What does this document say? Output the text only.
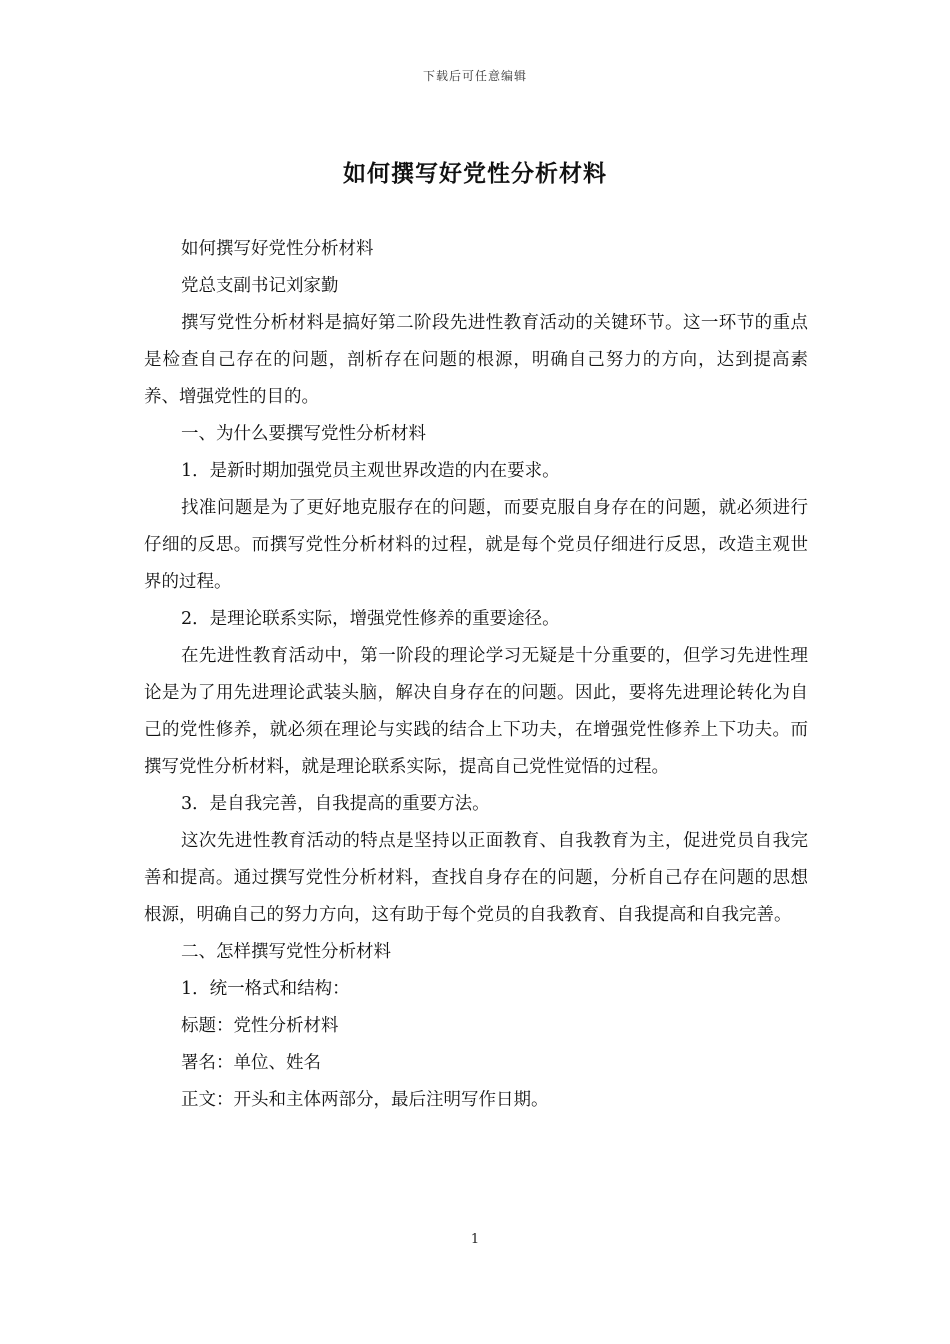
下载后可任意编辑
如何撰写好党性分析材料

如何撰写好党性分析材料

党总支副书记刘家勤

撰写党性分析材料是搞好第二阶段先进性教育活动的关键环节。这一环节的重点是检查自己存在的问题，剖析存在问题的根源，明确自己努力的方向，达到提高素养、增强党性的目的。

一、为什么要撰写党性分析材料

1．是新时期加强党员主观世界改造的内在要求。

找准问题是为了更好地克服存在的问题，而要克服自身存在的问题，就必须进行仔细的反思。而撰写党性分析材料的过程，就是每个党员仔细进行反思，改造主观世界的过程。

2．是理论联系实际，增强党性修养的重要途径。

在先进性教育活动中，第一阶段的理论学习无疑是十分重要的，但学习先进性理论是为了用先进理论武装头脑，解决自身存在的问题。因此，要将先进理论转化为自己的党性修养，就必须在理论与实践的结合上下功夫，在增强党性修养上下功夫。而撰写党性分析材料，就是理论联系实际，提高自己党性觉悟的过程。

3．是自我完善，自我提高的重要方法。

这次先进性教育活动的特点是坚持以正面教育、自我教育为主，促进党员自我完善和提高。通过撰写党性分析材料，查找自身存在的问题，分析自己存在问题的思想根源，明确自己的努力方向，这有助于每个党员的自我教育、自我提高和自我完善。

二、怎样撰写党性分析材料

1．统一格式和结构：

标题：党性分析材料

署名：单位、姓名

正文：开头和主体两部分，最后注明写作日期。

1
